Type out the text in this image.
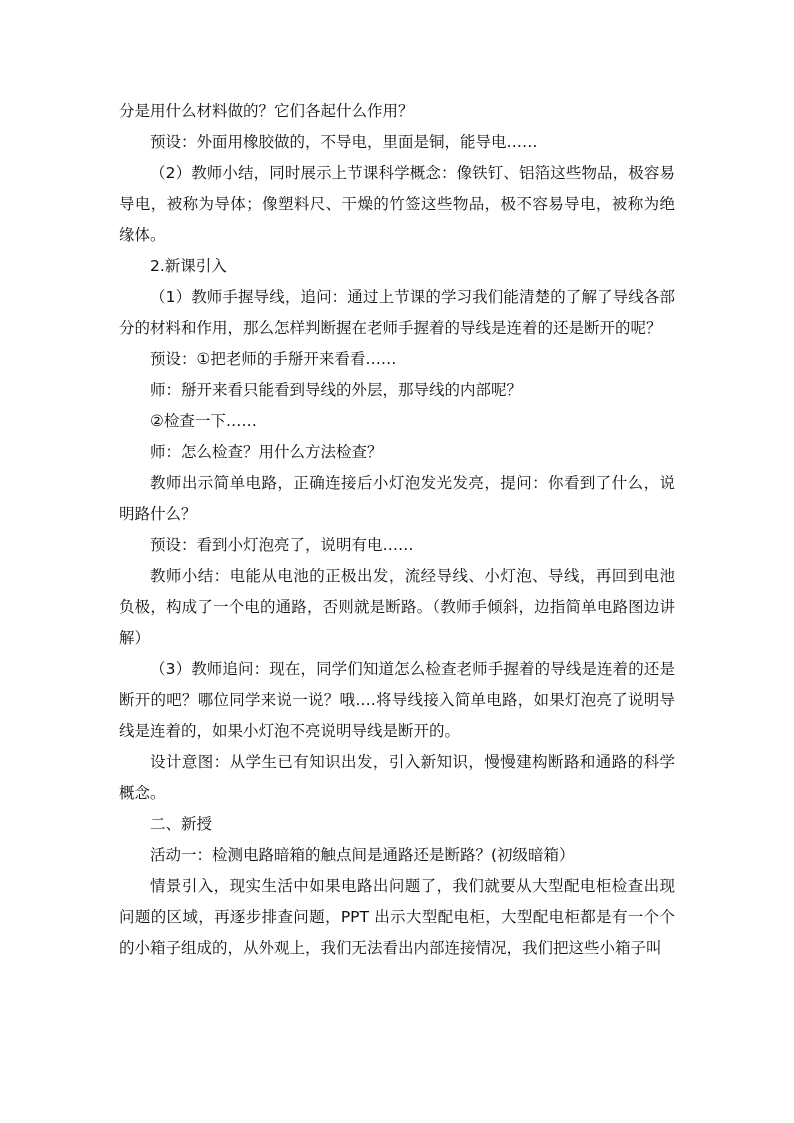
分是用什么材料做的？它们各起什么作用？

预设：外面用橡胶做的，不导电，里面是铜，能导电……

（2）教师小结，同时展示上节课科学概念：像铁钉、铝箔这些物品，极容易导电，被称为导体；像塑料尺、干燥的竹签这些物品，极不容易导电，被称为绝缘体。

2.新课引入

（1）教师手握导线，追问：通过上节课的学习我们能清楚的了解了导线各部分的材料和作用，那么怎样判断握在老师手握着的导线是连着的还是断开的呢？

预设：①把老师的手掰开来看看……

师：掰开来看只能看到导线的外层，那导线的内部呢？

②检查一下……

师：怎么检查？用什么方法检查？

教师出示简单电路，正确连接后小灯泡发光发亮，提问：你看到了什么，说明路什么？

预设：看到小灯泡亮了，说明有电……

教师小结：电能从电池的正极出发，流经导线、小灯泡、导线，再回到电池负极，构成了一个电的通路，否则就是断路。（教师手倾斜，边指简单电路图边讲解）

（3）教师追问：现在，同学们知道怎么检查老师手握着的导线是连着的还是断开的吧？哪位同学来说一说？哦….将导线接入简单电路，如果灯泡亮了说明导线是连着的，如果小灯泡不亮说明导线是断开的。

设计意图：从学生已有知识出发，引入新知识，慢慢建构断路和通路的科学概念。

二、新授

活动一：检测电路暗箱的触点间是通路还是断路？(初级暗箱）

情景引入，现实生活中如果电路出问题了，我们就要从大型配电柜检查出现问题的区域，再逐步排查问题，PPT 出示大型配电柜，大型配电柜都是有一个个的小箱子组成的，从外观上，我们无法看出内部连接情况，我们把这些小箱子叫
